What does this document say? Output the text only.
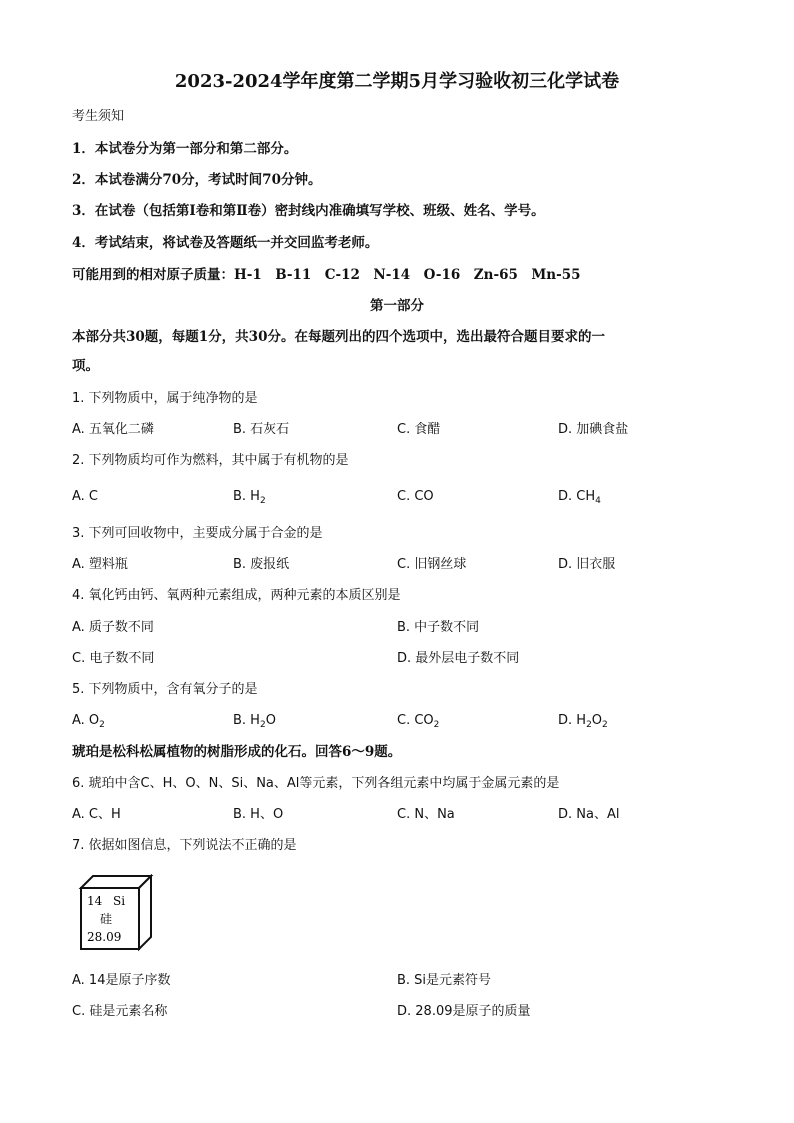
2023-2024学年度第二学期5月学习验收初三化学试卷
考生须知
1．本试卷分为第一部分和第二部分。
2．本试卷满分70分，考试时间70分钟。
3．在试卷（包括第Ⅰ卷和第Ⅱ卷）密封线内准确填写学校、班级、姓名、学号。
4．考试结束，将试卷及答题纸一并交回监考老师。
可能用到的相对原子质量：H-1　B-11　C-12　N-14　O-16　Zn-65　Mn-55
第一部分
本部分共30题，每题1分，共30分。在每题列出的四个选项中，选出最符合题目要求的一
项。
1. 下列物质中，属于纯净物的是
A. 五氧化二磷	B. 石灰石	C. 食醋	D. 加碘食盐
2. 下列物质均可作为燃料，其中属于有机物的是
A. C	B. $H_2$	C. CO	D. $CH_4$
3. 下列可回收物中，主要成分属于合金的是
A. 塑料瓶	B. 废报纸	C. 旧钢丝球	D. 旧衣服
4. 氧化钙由钙、氧两种元素组成，两种元素的本质区别是
A. 质子数不同	B. 中子数不同
C. 电子数不同	D. 最外层电子数不同
5. 下列物质中，含有氧分子的是
A. $O_2$	B. $H_2O$	C. $CO_2$	D. $H_2O_2$
琥珀是松科松属植物的树脂形成的化石。回答6～9题。
6. 琥珀中含C、H、O、N、Si、Na、Al等元素，下列各组元素中均属于金属元素的是
A. C、H	B. H、O	C. N、Na	D. Na、Al
7. 依据如图信息，下列说法不正确的是
14 Si
硅
28.09
A. 14是原子序数	B. Si是元素符号
C. 硅是元素名称	D. 28.09是原子的质量
